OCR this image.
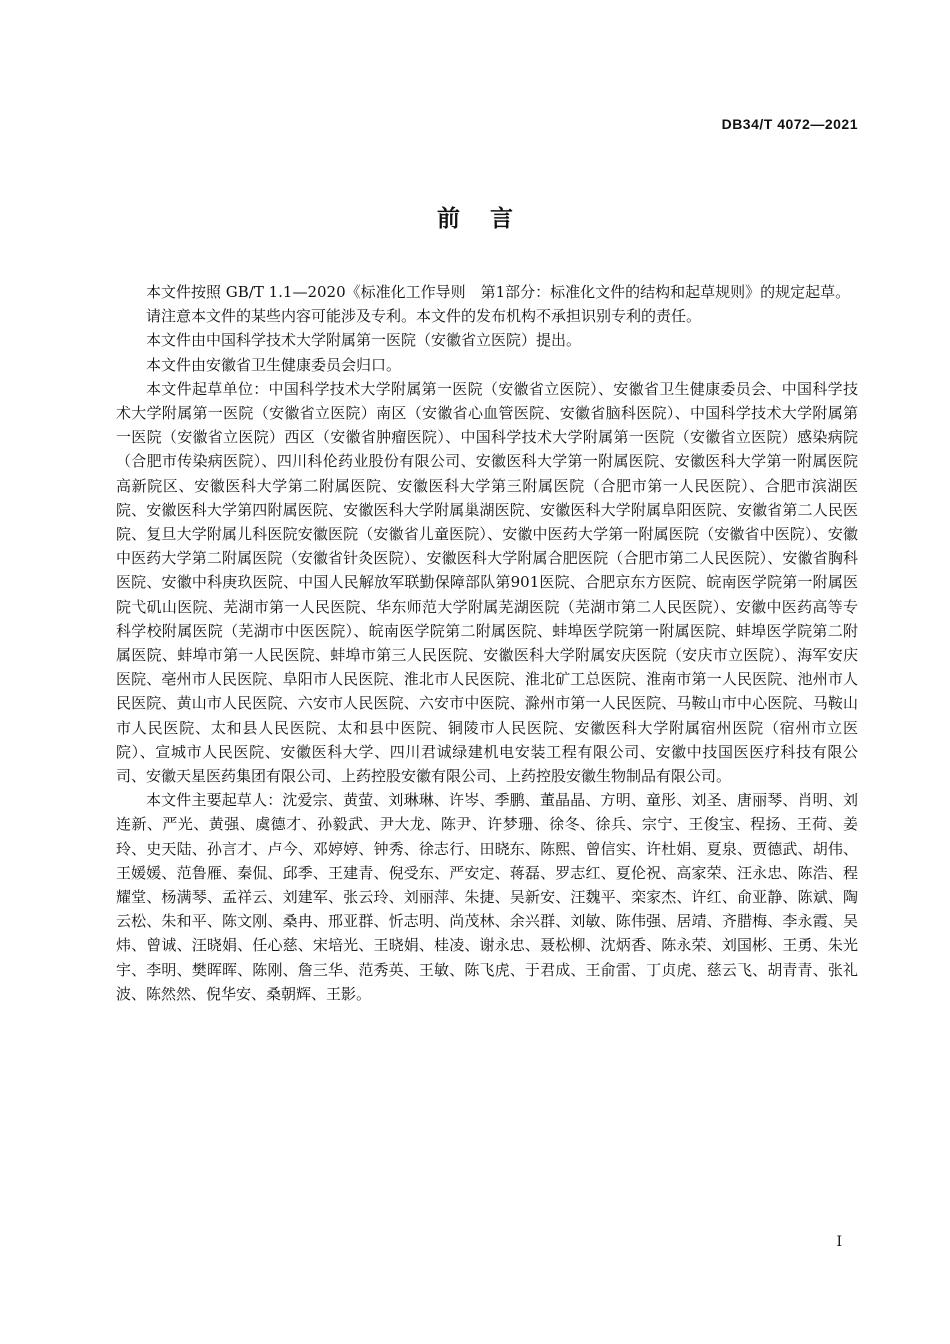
DB34/T 4072—2021
前言

本文件按照 GB/T 1.1—2020《标准化工作导则　第1部分：标准化文件的结构和起草规则》的规定起草。

请注意本文件的某些内容可能涉及专利。本文件的发布机构不承担识别专利的责任。

本文件由中国科学技术大学附属第一医院（安徽省立医院）提出。

本文件由安徽省卫生健康委员会归口。

本文件起草单位：中国科学技术大学附属第一医院（安徽省立医院）、安徽省卫生健康委员会、中国科学技术大学附属第一医院（安徽省立医院）南区（安徽省心血管医院、安徽省脑科医院）、中国科学技术大学附属第一医院（安徽省立医院）西区（安徽省肿瘤医院）、中国科学技术大学附属第一医院（安徽省立医院）感染病院（合肥市传染病医院）、四川科伦药业股份有限公司、安徽医科大学第一附属医院、安徽医科大学第一附属医院高新院区、安徽医科大学第二附属医院、安徽医科大学第三附属医院（合肥市第一人民医院）、合肥市滨湖医院、安徽医科大学第四附属医院、安徽医科大学附属巢湖医院、安徽医科大学附属阜阳医院、安徽省第二人民医院、复旦大学附属儿科医院安徽医院（安徽省儿童医院）、安徽中医药大学第一附属医院（安徽省中医院）、安徽中医药大学第二附属医院（安徽省针灸医院）、安徽医科大学附属合肥医院（合肥市第二人民医院）、安徽省胸科医院、安徽中科庚玖医院、中国人民解放军联勤保障部队第901医院、合肥京东方医院、皖南医学院第一附属医院弋矶山医院、芜湖市第一人民医院、华东师范大学附属芜湖医院（芜湖市第二人民医院）、安徽中医药高等专科学校附属医院（芜湖市中医医院）、皖南医学院第二附属医院、蚌埠医学院第一附属医院、蚌埠医学院第二附属医院、蚌埠市第一人民医院、蚌埠市第三人民医院、安徽医科大学附属安庆医院（安庆市立医院）、海军安庆医院、亳州市人民医院、阜阳市人民医院、淮北市人民医院、淮北矿工总医院、淮南市第一人民医院、池州市人民医院、黄山市人民医院、六安市人民医院、六安市中医院、滁州市第一人民医院、马鞍山市中心医院、马鞍山市人民医院、太和县人民医院、太和县中医院、铜陵市人民医院、安徽医科大学附属宿州医院（宿州市立医院）、宣城市人民医院、安徽医科大学、四川君诚绿建机电安装工程有限公司、安徽中技国医医疗科技有限公司、安徽天星医药集团有限公司、上药控股安徽有限公司、上药控股安徽生物制品有限公司。

本文件主要起草人：沈爱宗、黄萤、刘琳琳、许岑、季鹏、董晶晶、方明、童彤、刘圣、唐丽琴、肖明、刘连新、严光、黄强、虞德才、孙毅武、尹大龙、陈尹、许梦珊、徐冬、徐兵、宗宁、王俊宝、程扬、王荷、姜玲、史天陆、孙言才、卢今、邓婷婷、钟秀、徐志行、田晓东、陈熙、曾信实、许杜娟、夏泉、贾德武、胡伟、王媛媛、范鲁雁、秦侃、邱季、王建青、倪受东、严安定、蒋磊、罗志红、夏伦祝、高家荣、汪永忠、陈浩、程耀堂、杨满琴、孟祥云、刘建军、张云玲、刘丽萍、朱捷、吴新安、汪魏平、栾家杰、许红、俞亚静、陈斌、陶云松、朱和平、陈文刚、桑冉、邢亚群、忻志明、尚茂林、余兴群、刘敏、陈伟强、居靖、齐腊梅、李永霞、吴炜、曾诚、汪晓娟、任心慈、宋培光、王晓娟、桂凌、谢永忠、聂松柳、沈炳香、陈永荣、刘国彬、王勇、朱光宇、李明、樊晖晖、陈刚、詹三华、范秀英、王敏、陈飞虎、于君成、王俞雷、丁贞虎、慈云飞、胡青青、张礼波、陈然然、倪华安、桑朝辉、王影。

I
